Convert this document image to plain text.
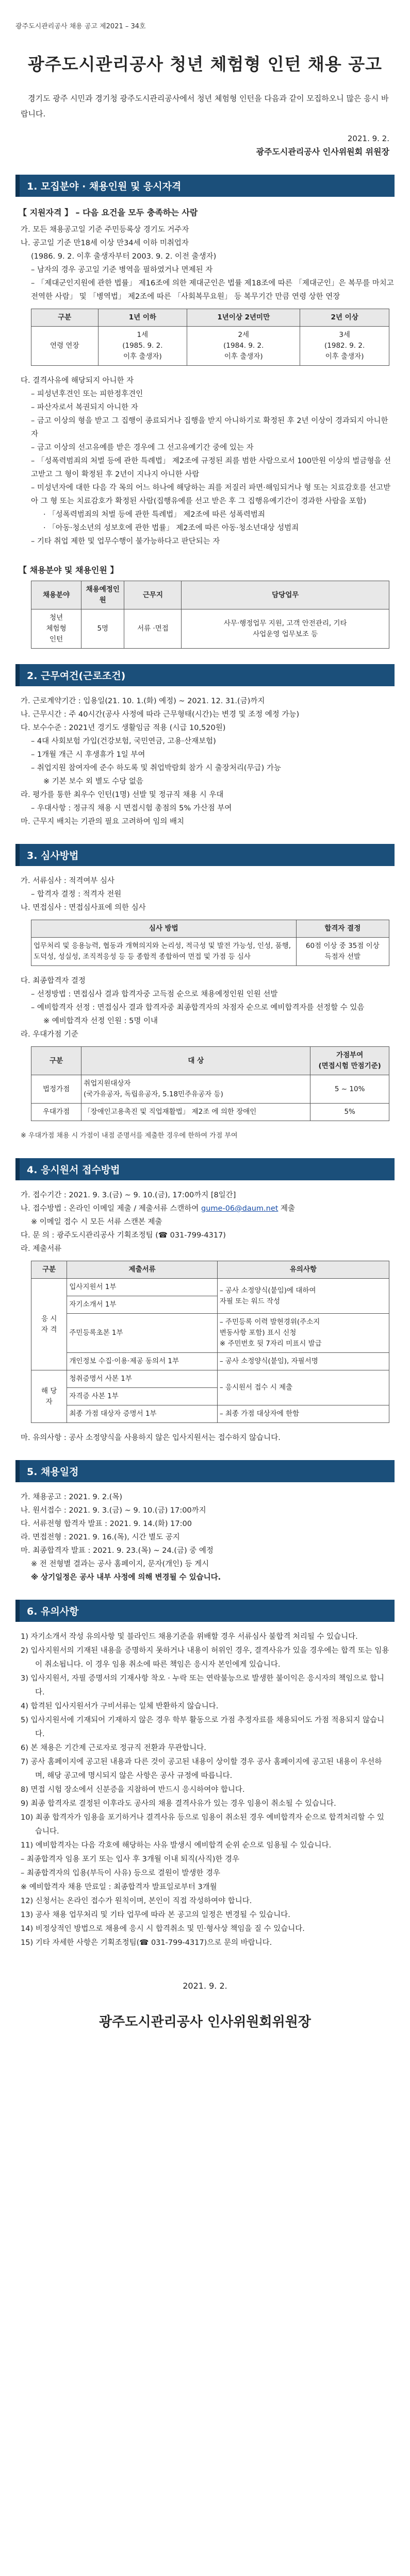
광주도시관리공사 채용 공고 제2021 – 34호
광주도시관리공사 청년 체험형 인턴 채용 공고
경기도 광주 시민과 경기청 광주도시관리공사에서 청년 체험형 인턴을 다음과 같이 모집하오니 많은 응시 바랍니다.
2021. 9. 2.
광주도시관리공사 인사위원회 위원장
1. 모집분야 · 채용인원 및 응시자격
【 지원자격 】 – 다음 요건을 모두 충족하는 사람
가. 모든 채용공고일 기준 주민등록상 경기도 거주자
나. 공고일 기준 만18세 이상 만34세 이하 미취업자
(1986. 9. 2. 이후 출생자부터 2003. 9. 2. 이전 출생자)
– 남자의 경우 공고일 기준 병역을 필하였거나 면제된 자
– 「제대군인지원에 관한 법률」 제16조에 의한 제대군인은 법률 제18조에 따른 「제대군인」은 복무를 마치고 전역한 사람」 및 「병역법」 제2조에 따른 「사회복무요원」 등 복무기간 만큼 연령 상한 연장
구분	1년 이하	1년이상 2년미만	2년 이상
연령 연장	1세
(1985. 9. 2.
이후 출생자)	2세
(1984. 9. 2.
이후 출생자)	3세
(1982. 9. 2.
이후 출생자)
다. 결격사유에 해당되지 아니한 자
– 피성년후견인 또는 피한정후견인
– 파산자로서 복권되지 아니한 자
– 금고 이상의 형을 받고 그 집행이 종료되거나 집행을 받지 아니하기로 확정된 후 2년 이상이 경과되지 아니한 자
– 금고 이상의 선고유예를 받은 경우에 그 선고유예기간 중에 있는 자
– 「성폭력범죄의 처벌 등에 관한 특례법」 제2조에 규정된 죄를 범한 사람으로서 100만원 이상의 벌금형을 선고받고 그 형이 확정된 후 2년이 지나지 아니한 사람
– 미성년자에 대한 다음 각 목의 어느 하나에 해당하는 죄를 저질러 파면·해임되거나 형 또는 치료감호를 선고받아 그 형 또는 치료감호가 확정된 사람(집행유예를 선고 받은 후 그 집행유예기간이 경과한 사람을 포함)
· 「성폭력범죄의 처벌 등에 관한 특례법」 제2조에 따른 성폭력범죄
· 「아동·청소년의 성보호에 관한 법률」 제2조에 따른 아동·청소년대상 성범죄
– 기타 취업 제한 및 업무수행이 불가능하다고 판단되는 자
【 채용분야 및 채용인원 】
채용분야	채용예정인원	근무지	담당업무
청년
체험형
인턴	5명	서류 ·면접	사무·행정업무 지원, 고객 안전관리, 기타
사업운영 업무보조 등
2. 근무여건(근로조건)
가. 근로계약기간 : 입용일(21. 10. 1.(화) 예정) ~ 2021. 12. 31.(금)까지
나. 근무시간 : 주 40시간(공사 사정에 따라 근무형태(시간)는 변경 및 조정 예정 가능)
다. 보수수준 : 2021년 경기도 생활임금 적용 (시급 10,520원)
– 4대 사회보험 가입(건강보험, 국민연금, 고용·산재보험)
– 1개월 개근 시 후생휴가 1일 부여
– 취업지원 참여자에 준수 하도록 및 취업박람회 참가 시 출장처리(무급) 가능
※ 기본 보수 외 별도 수당 없음
라. 평가를 통한 최우수 인턴(1명) 선발 및 정규직 채용 시 우대
– 우대사항 : 정규직 채용 시 면접시험 총점의 5% 가산점 부여
마. 근무지 배치는 기관의 필요 고려하여 임의 배치
3. 심사방법
가. 서류심사 : 적격여부 심사
– 합격자 결정 : 적격자 전원
나. 면접심사 : 면접심사표에 의한 심사
심사 방법	합격자 결정
업무처리 및 응용능력, 협동과 개혁의지와 논리성, 적극성 및 발전 가능성, 인성, 품행, 도덕성, 성실성, 조직적응성 등 등 종합적 종합하여 면접 및 가점 등 심사	60점 이상 중 35점 이상
득점자 선발
다. 최종합격자 결정
– 선정방법 : 면접심사 결과 합격자중 고득점 순으로 채용예정인원 인원 선발
– 예비합격자 선정 : 면접심사 결과 합격자중 최종합격자의 차점자 순으로 예비합격자를 선정할 수 있음
※ 예비합격자 선정 인원 : 5명 이내
라. 우대가점 기준
구분	대 상	가점부여
(면접시험 만점기준)
법정가점	취업지원대상자
(국가유공자, 독립유공자, 5.18민주유공자 등)	5 ~ 10%
우대가점	「장애인고용촉진 및 직업재활법」 제2조 에 의한 장애인	5%
※ 우대가점 채용 시 가점이 내점 준명서를 제출한 경우에 한하여 가점 부여
4. 응시원서 접수방법
가. 접수기간 : 2021. 9. 3.(금) ~ 9. 10.(금), 17:00까지 [8일간]
나. 접수방법 : 온라인 이메일 제출 / 제출서류 스캔하여 gume-06@daum.net 제출
※ 이메일 접수 시 모든 서류 스캔본 제출
다. 문 의 : 광주도시관리공사 기획조정팀 (☎ 031-799-4317)
라. 제출서류
구분	제출서류	유의사항
응 시
자 격	입사지원서 1부	– 공사 소정양식(붙임)에 대하여
자필 또는 워드 작성
	자기소개서 1부	
	주민등록초본 1부	– 주민등록 이력 발현경위(주소지
변동사항 포함) 표시 신청
※ 주민번호 뒷 7자리 미표시 발급
	개인정보 수집·이용·제공 동의서 1부	– 공사 소정양식(붙임), 자필서명
해 당
자	청취증명서 사본 1부	– 응시원서 접수 시 제출
	자격증 사본 1부	
	최종 가점 대상자 증명서 1부	– 최종 가점 대상자에 한함
마. 유의사항 : 공사 소정양식을 사용하지 않은 입사지원서는 접수하지 않습니다.
5. 채용일정
가. 채용공고 : 2021. 9. 2.(목)
나. 원서접수 : 2021. 9. 3.(금) ~ 9. 10.(금) 17:00까지
다. 서류전형 합격자 발표 : 2021. 9. 14.(화) 17:00
라. 면접전형 : 2021. 9. 16.(목), 시간 별도 공지
마. 최종합격자 발표 : 2021. 9. 23.(목) ~ 24.(금) 중 예정
※ 전 전형별 결과는 공사 홈페이지, 문자(개인) 등 게시
※ 상기일정은 공사 내부 사정에 의해 변경될 수 있습니다.
6. 유의사항
1) 자기소개서 작성 유의사항 및 블라인드 채용기준을 위배할 경우 서류심사 불합격 처리될 수 있습니다.
2) 입사지원서의 기재된 내용을 증명하지 못하거나 내용이 허위인 경우, 결격사유가 있을 경우에는 합격 또는 임용이 취소됩니다. 이 경우 임용 취소에 따른 책임은 응시자 본인에게 있습니다.
3) 입사지원서, 자필 증명서의 기재사항 착오 · 누락 또는 연락불능으로 발생한 불이익은 응시자의 책임으로 합니다.
4) 합격된 입사지원서가 구비서류는 일체 반환하지 않습니다.
5) 입사지원서에 기재되어 기재하지 않은 경우 학부 활동으로 가점 추정자료를 채용되어도 가점 적용되지 않습니다.
6) 본 채용은 기간제 근로자로 정규직 전환과 무관합니다.
7) 공사 홈페이지에 공고된 내용과 다른 것이 공고된 내용이 상이할 경우 공사 홈페이지에 공고된 내용이 우선하며, 해당 공고에 명시되지 않은 사항은 공사 규정에 따릅니다.
8) 면접 시험 장소에서 신분증을 지참하여 반드시 응시하여야 합니다.
9) 최종 합격자로 결정된 이후라도 공사의 채용 결격사유가 있는 경우 임용이 취소될 수 있습니다.
10) 최종 합격자가 임용을 포기하거나 결격사유 등으로 임용이 취소된 경우 예비합격자 순으로 합격처리할 수 있습니다.
11) 예비합격자는 다음 각호에 해당하는 사유 발생시 예비합격 순위 순으로 임용될 수 있습니다.
– 최종합격자 임용 포기 또는 입사 후 3개월 이내 퇴직(사직)한 경우
– 최종합격자의 입용(부득이 사유) 등으로 결원이 발생한 경우
※ 예비합격자 채용 만료일 : 최종합격자 발표일로부터 3개월
12) 신청서는 온라인 접수가 원칙이며, 본인이 직접 작성하여야 합니다.
13) 공사 채용 업무처리 및 기타 업무에 따라 본 공고의 일정은 변경될 수 있습니다.
14) 비정상적인 방법으로 채용에 응시 시 합격취소 및 민·형사상 책임을 질 수 있습니다.
15) 기타 자세한 사항은 기획조정팀(☎ 031-799-4317)으로 문의 바랍니다.
2021. 9. 2.
광주도시관리공사 인사위원회위원장
